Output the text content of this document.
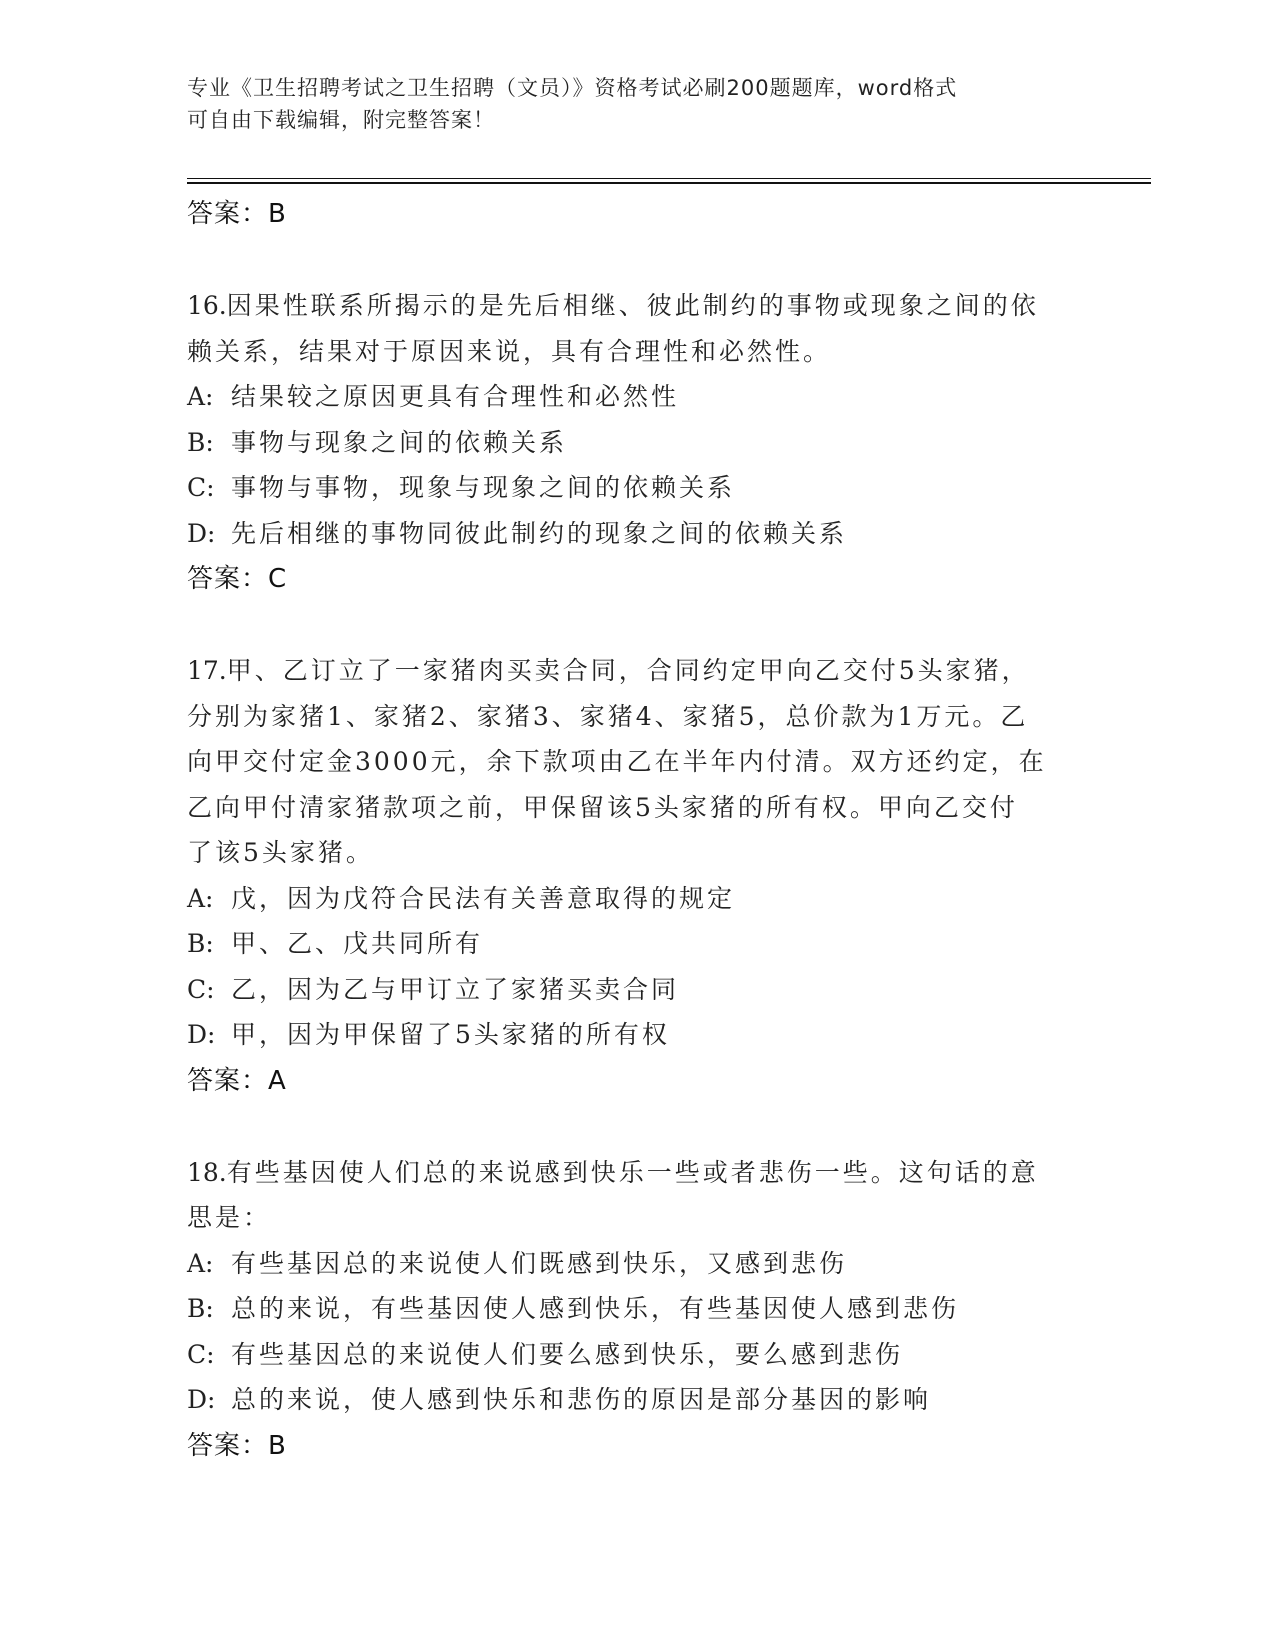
专业《卫生招聘考试之卫生招聘（文员）》资格考试必刷200题题库，word格式
可自由下载编辑，附完整答案！
答案：B
16.因果性联系所揭示的是先后相继、彼此制约的事物或现象之间的依
赖关系，结果对于原因来说，具有合理性和必然性。
A: 结果较之原因更具有合理性和必然性
B: 事物与现象之间的依赖关系
C: 事物与事物，现象与现象之间的依赖关系
D: 先后相继的事物同彼此制约的现象之间的依赖关系
答案：C
17.甲、乙订立了一家猪肉买卖合同，合同约定甲向乙交付5头家猪，
分别为家猪1、家猪2、家猪3、家猪4、家猪5，总价款为1万元。乙
向甲交付定金3000元，余下款项由乙在半年内付清。双方还约定，在
乙向甲付清家猪款项之前，甲保留该5头家猪的所有权。甲向乙交付
了该5头家猪。
A: 戊，因为戊符合民法有关善意取得的规定
B: 甲、乙、戊共同所有
C: 乙，因为乙与甲订立了家猪买卖合同
D: 甲，因为甲保留了5头家猪的所有权
答案：A
18.有些基因使人们总的来说感到快乐一些或者悲伤一些。这句话的意
思是：
A: 有些基因总的来说使人们既感到快乐，又感到悲伤
B: 总的来说，有些基因使人感到快乐，有些基因使人感到悲伤
C: 有些基因总的来说使人们要么感到快乐，要么感到悲伤
D: 总的来说，使人感到快乐和悲伤的原因是部分基因的影响
答案：B
